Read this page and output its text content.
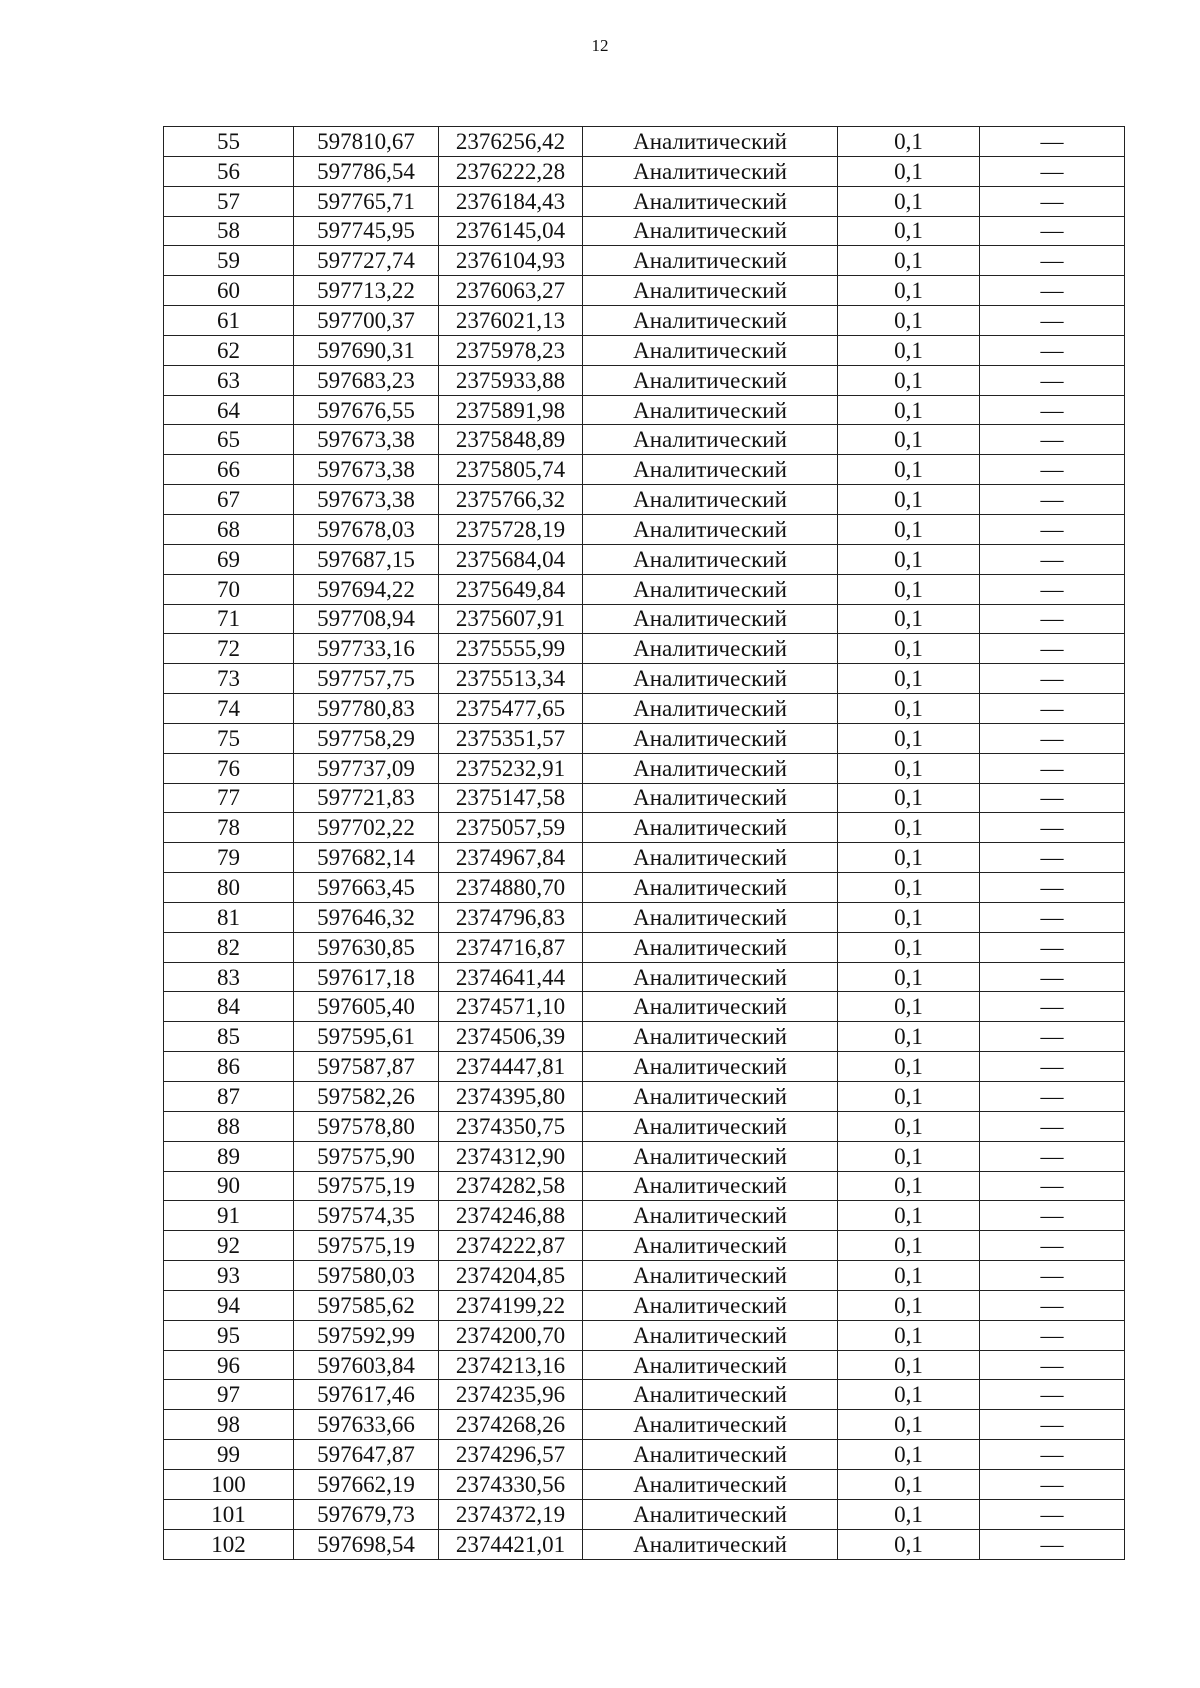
12
55	597810,67	2376256,42	Аналитический	0,1	—
56	597786,54	2376222,28	Аналитический	0,1	—
57	597765,71	2376184,43	Аналитический	0,1	—
58	597745,95	2376145,04	Аналитический	0,1	—
59	597727,74	2376104,93	Аналитический	0,1	—
60	597713,22	2376063,27	Аналитический	0,1	—
61	597700,37	2376021,13	Аналитический	0,1	—
62	597690,31	2375978,23	Аналитический	0,1	—
63	597683,23	2375933,88	Аналитический	0,1	—
64	597676,55	2375891,98	Аналитический	0,1	—
65	597673,38	2375848,89	Аналитический	0,1	—
66	597673,38	2375805,74	Аналитический	0,1	—
67	597673,38	2375766,32	Аналитический	0,1	—
68	597678,03	2375728,19	Аналитический	0,1	—
69	597687,15	2375684,04	Аналитический	0,1	—
70	597694,22	2375649,84	Аналитический	0,1	—
71	597708,94	2375607,91	Аналитический	0,1	—
72	597733,16	2375555,99	Аналитический	0,1	—
73	597757,75	2375513,34	Аналитический	0,1	—
74	597780,83	2375477,65	Аналитический	0,1	—
75	597758,29	2375351,57	Аналитический	0,1	—
76	597737,09	2375232,91	Аналитический	0,1	—
77	597721,83	2375147,58	Аналитический	0,1	—
78	597702,22	2375057,59	Аналитический	0,1	—
79	597682,14	2374967,84	Аналитический	0,1	—
80	597663,45	2374880,70	Аналитический	0,1	—
81	597646,32	2374796,83	Аналитический	0,1	—
82	597630,85	2374716,87	Аналитический	0,1	—
83	597617,18	2374641,44	Аналитический	0,1	—
84	597605,40	2374571,10	Аналитический	0,1	—
85	597595,61	2374506,39	Аналитический	0,1	—
86	597587,87	2374447,81	Аналитический	0,1	—
87	597582,26	2374395,80	Аналитический	0,1	—
88	597578,80	2374350,75	Аналитический	0,1	—
89	597575,90	2374312,90	Аналитический	0,1	—
90	597575,19	2374282,58	Аналитический	0,1	—
91	597574,35	2374246,88	Аналитический	0,1	—
92	597575,19	2374222,87	Аналитический	0,1	—
93	597580,03	2374204,85	Аналитический	0,1	—
94	597585,62	2374199,22	Аналитический	0,1	—
95	597592,99	2374200,70	Аналитический	0,1	—
96	597603,84	2374213,16	Аналитический	0,1	—
97	597617,46	2374235,96	Аналитический	0,1	—
98	597633,66	2374268,26	Аналитический	0,1	—
99	597647,87	2374296,57	Аналитический	0,1	—
100	597662,19	2374330,56	Аналитический	0,1	—
101	597679,73	2374372,19	Аналитический	0,1	—
102	597698,54	2374421,01	Аналитический	0,1	—
